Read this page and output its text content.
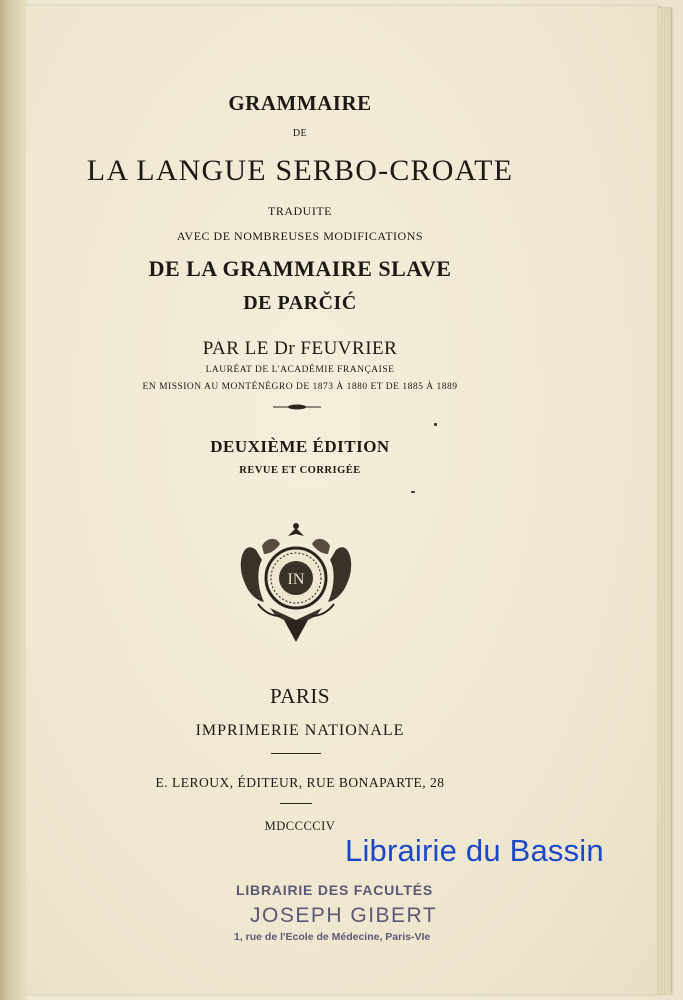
GRAMMAIRE
DE
LA LANGUE SERBO-CROATE
TRADUITE
AVEC DE NOMBREUSES MODIFICATIONS
DE LA GRAMMAIRE SLAVE
DE PARČIĆ
PAR LE Dr FEUVRIER
LAURÉAT DE L'ACADÉMIE FRANÇAISE
EN MISSION AU MONTÉNÉGRO DE 1873 À 1880 ET DE 1885 À 1889
DEUXIÈME ÉDITION
REVUE ET CORRIGÉE
IN
PARIS
IMPRIMERIE NATIONALE
E. LEROUX, ÉDITEUR, RUE BONAPARTE, 28
MDCCCCIV
Librairie du Bassin
LIBRAIRIE DES FACULTÉS
JOSEPH GIBERT
1, rue de l'Ecole de Médecine, Paris-VIe
